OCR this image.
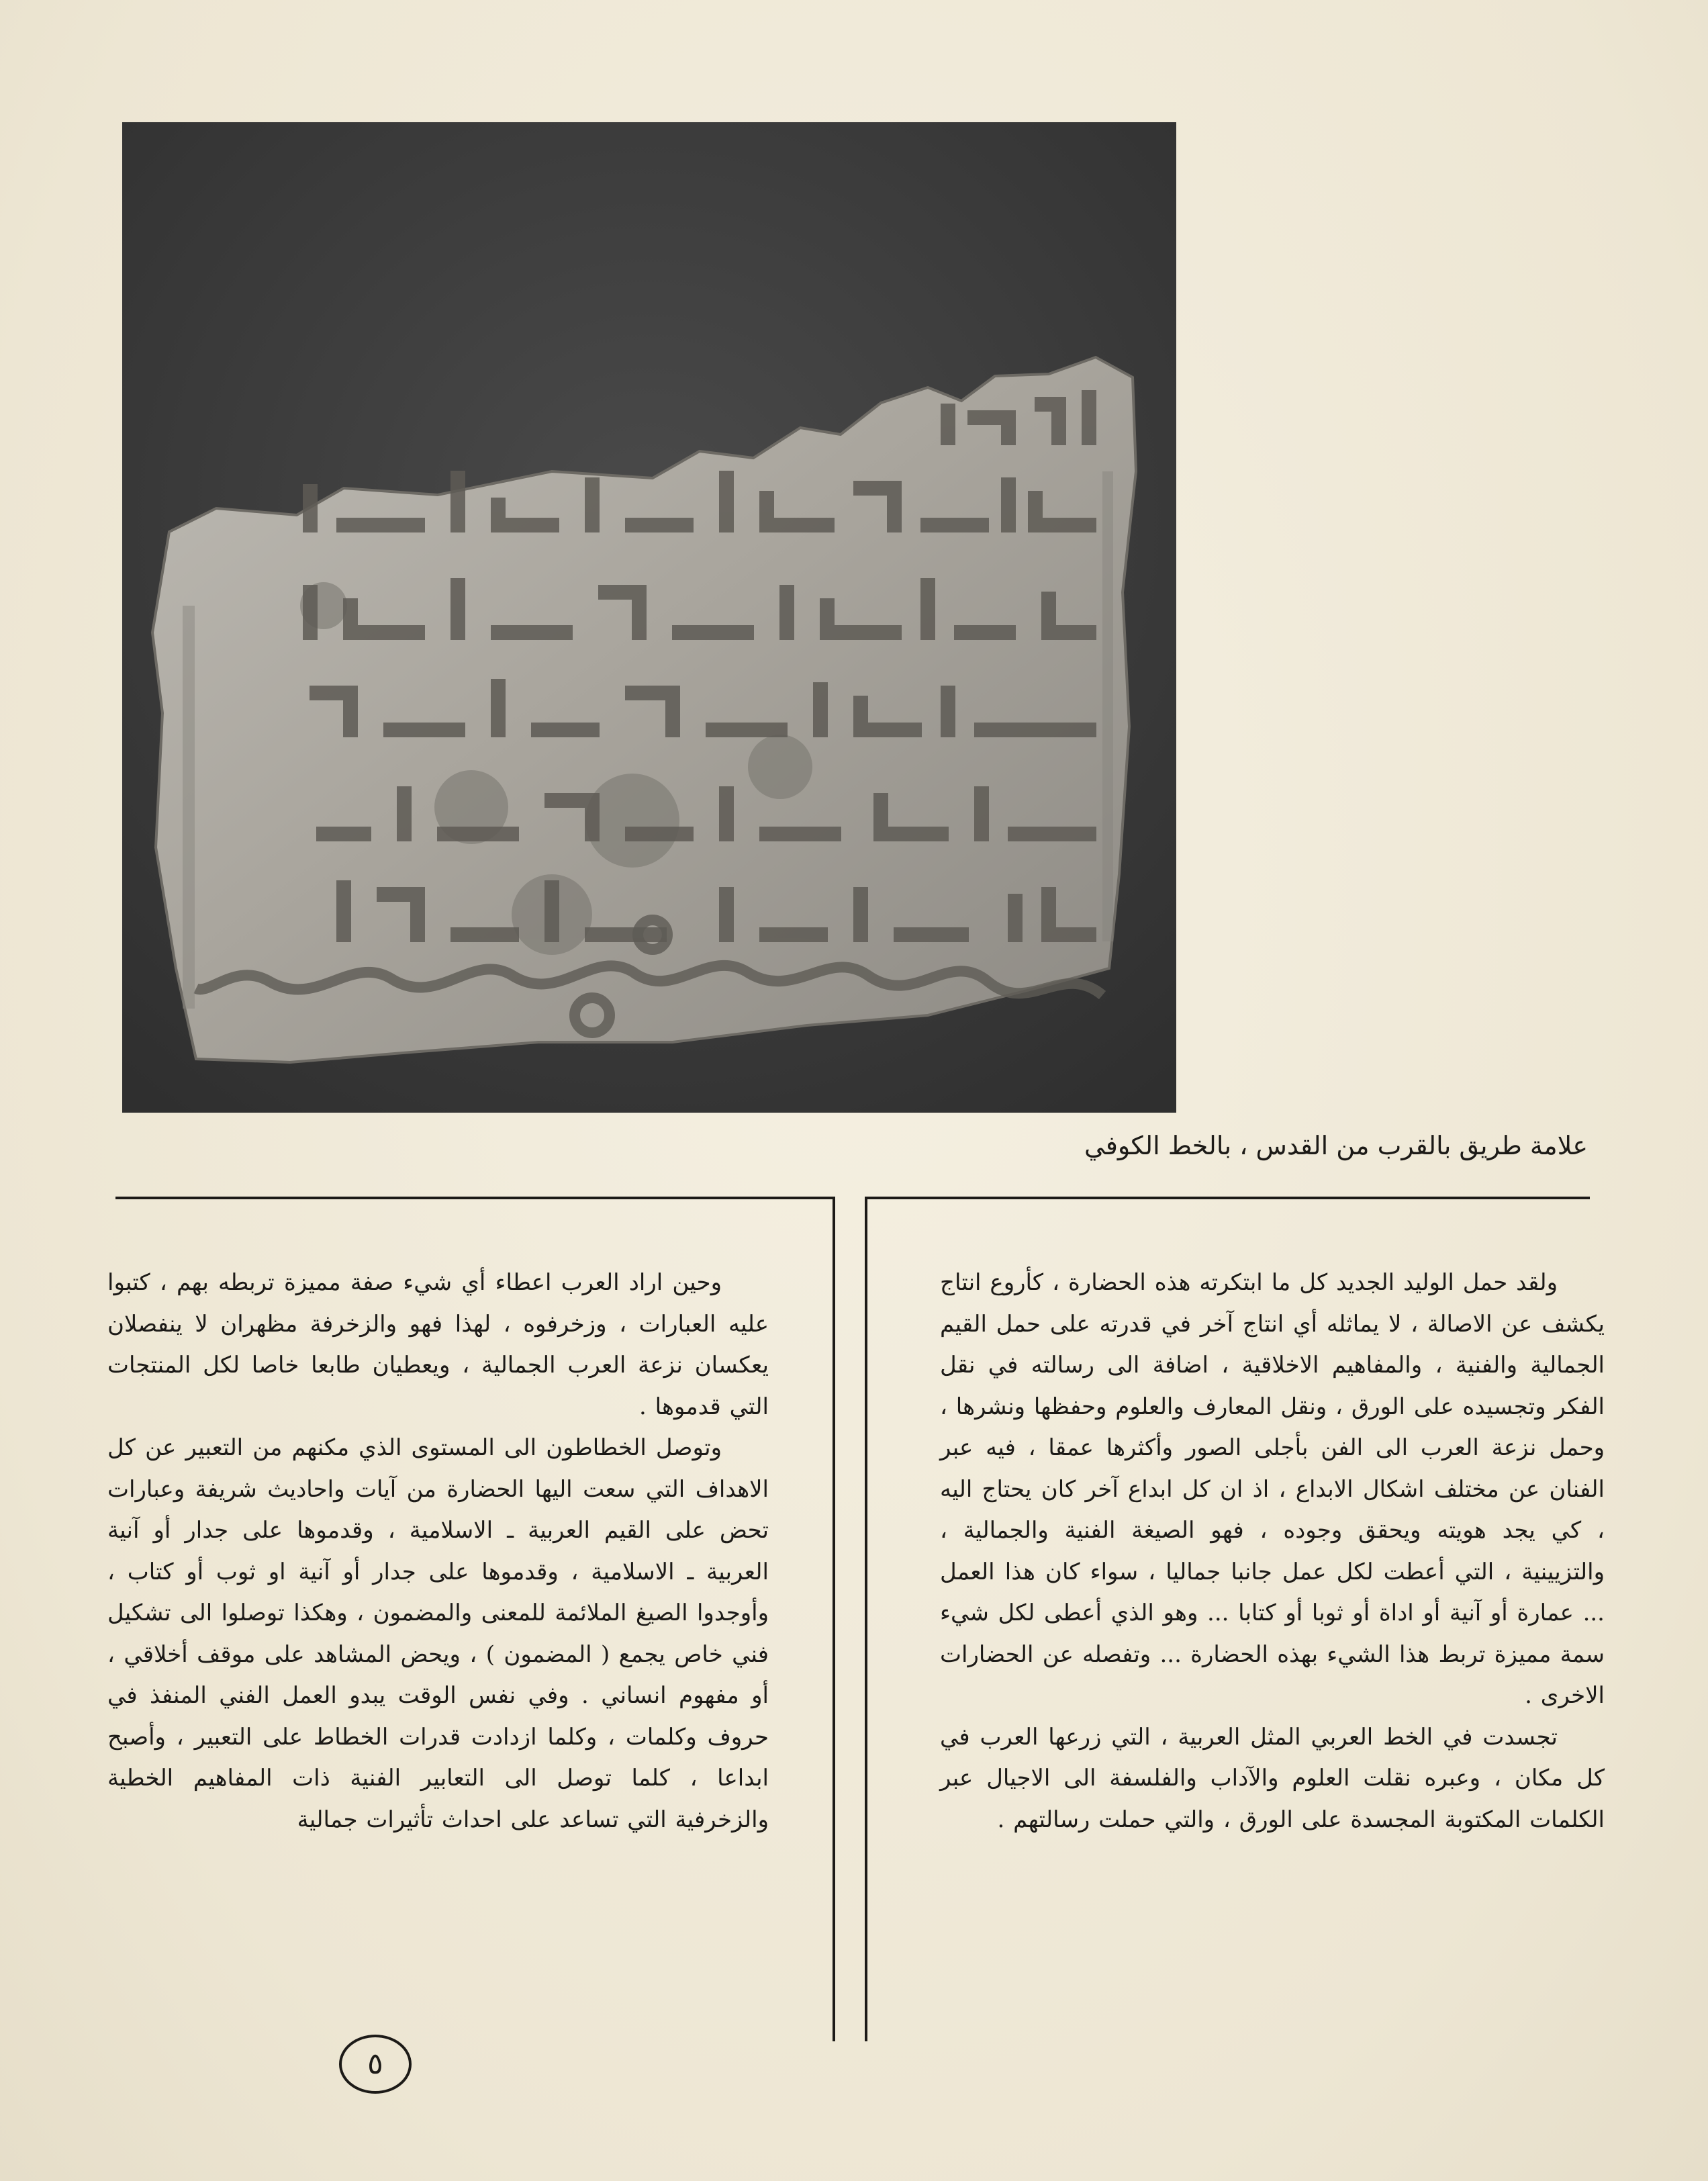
علامة طريق بالقرب من القدس ، بالخط الكوفي

ولقد حمل الوليد الجديد كل ما ابتكرته هذه الحضارة ، كأروع انتاج يكشف عن الاصالة ، لا يماثله أي انتاج آخر في قدرته على حمل القيم الجمالية والفنية ، والمفاهيم الاخلاقية ، اضافة الى رسالته في نقل الفكر وتجسيده على الورق ، ونقل المعارف والعلوم وحفظها ونشرها ، وحمل نزعة العرب الى الفن بأجلى الصور وأكثرها عمقا ، فيه عبر الفنان عن مختلف اشكال الابداع ، اذ ان كل ابداع آخر كان يحتاج اليه ، كي يجد هويته ويحقق وجوده ، فهو الصيغة الفنية والجمالية ، والتزيينية ، التي أعطت لكل عمل جانبا جماليا ، سواء كان هذا العمل ... عمارة أو آنية أو اداة أو ثوبا أو كتابا ... وهو الذي أعطى لكل شيء سمة مميزة تربط هذا الشيء بهذه الحضارة ... وتفصله عن الحضارات الاخرى .

تجسدت في الخط العربي المثل العربية ، التي زرعها العرب في كل مكان ، وعبره نقلت العلوم والآداب والفلسفة الى الاجيال عبر الكلمات المكتوبة المجسدة على الورق ، والتي حملت رسالتهم .

وحين اراد العرب اعطاء أي شيء صفة مميزة تربطه بهم ، كتبوا عليه العبارات ، وزخرفوه ، لهذا فهو والزخرفة مظهران لا ينفصلان يعكسان نزعة العرب الجمالية ، ويعطيان طابعا خاصا لكل المنتجات التي قدموها .

وتوصل الخطاطون الى المستوى الذي مكنهم من التعبير عن كل الاهداف التي سعت اليها الحضارة من آيات واحاديث شريفة وعبارات تحض على القيم العربية ـ الاسلامية ، وقدموها على جدار أو آنية العربية ـ الاسلامية ، وقدموها على جدار أو آنية او ثوب أو كتاب ، وأوجدوا الصيغ الملائمة للمعنى والمضمون ، وهكذا توصلوا الى تشكيل فني خاص يجمع ( المضمون ) ، ويحض المشاهد على موقف أخلاقي ، أو مفهوم انساني . وفي نفس الوقت يبدو العمل الفني المنفذ في حروف وكلمات ، وكلما ازدادت قدرات الخطاط على التعبير ، وأصبح ابداعا ، كلما توصل الى التعابير الفنية ذات المفاهيم الخطية والزخرفية التي تساعد على احداث تأثيرات جمالية

٥
